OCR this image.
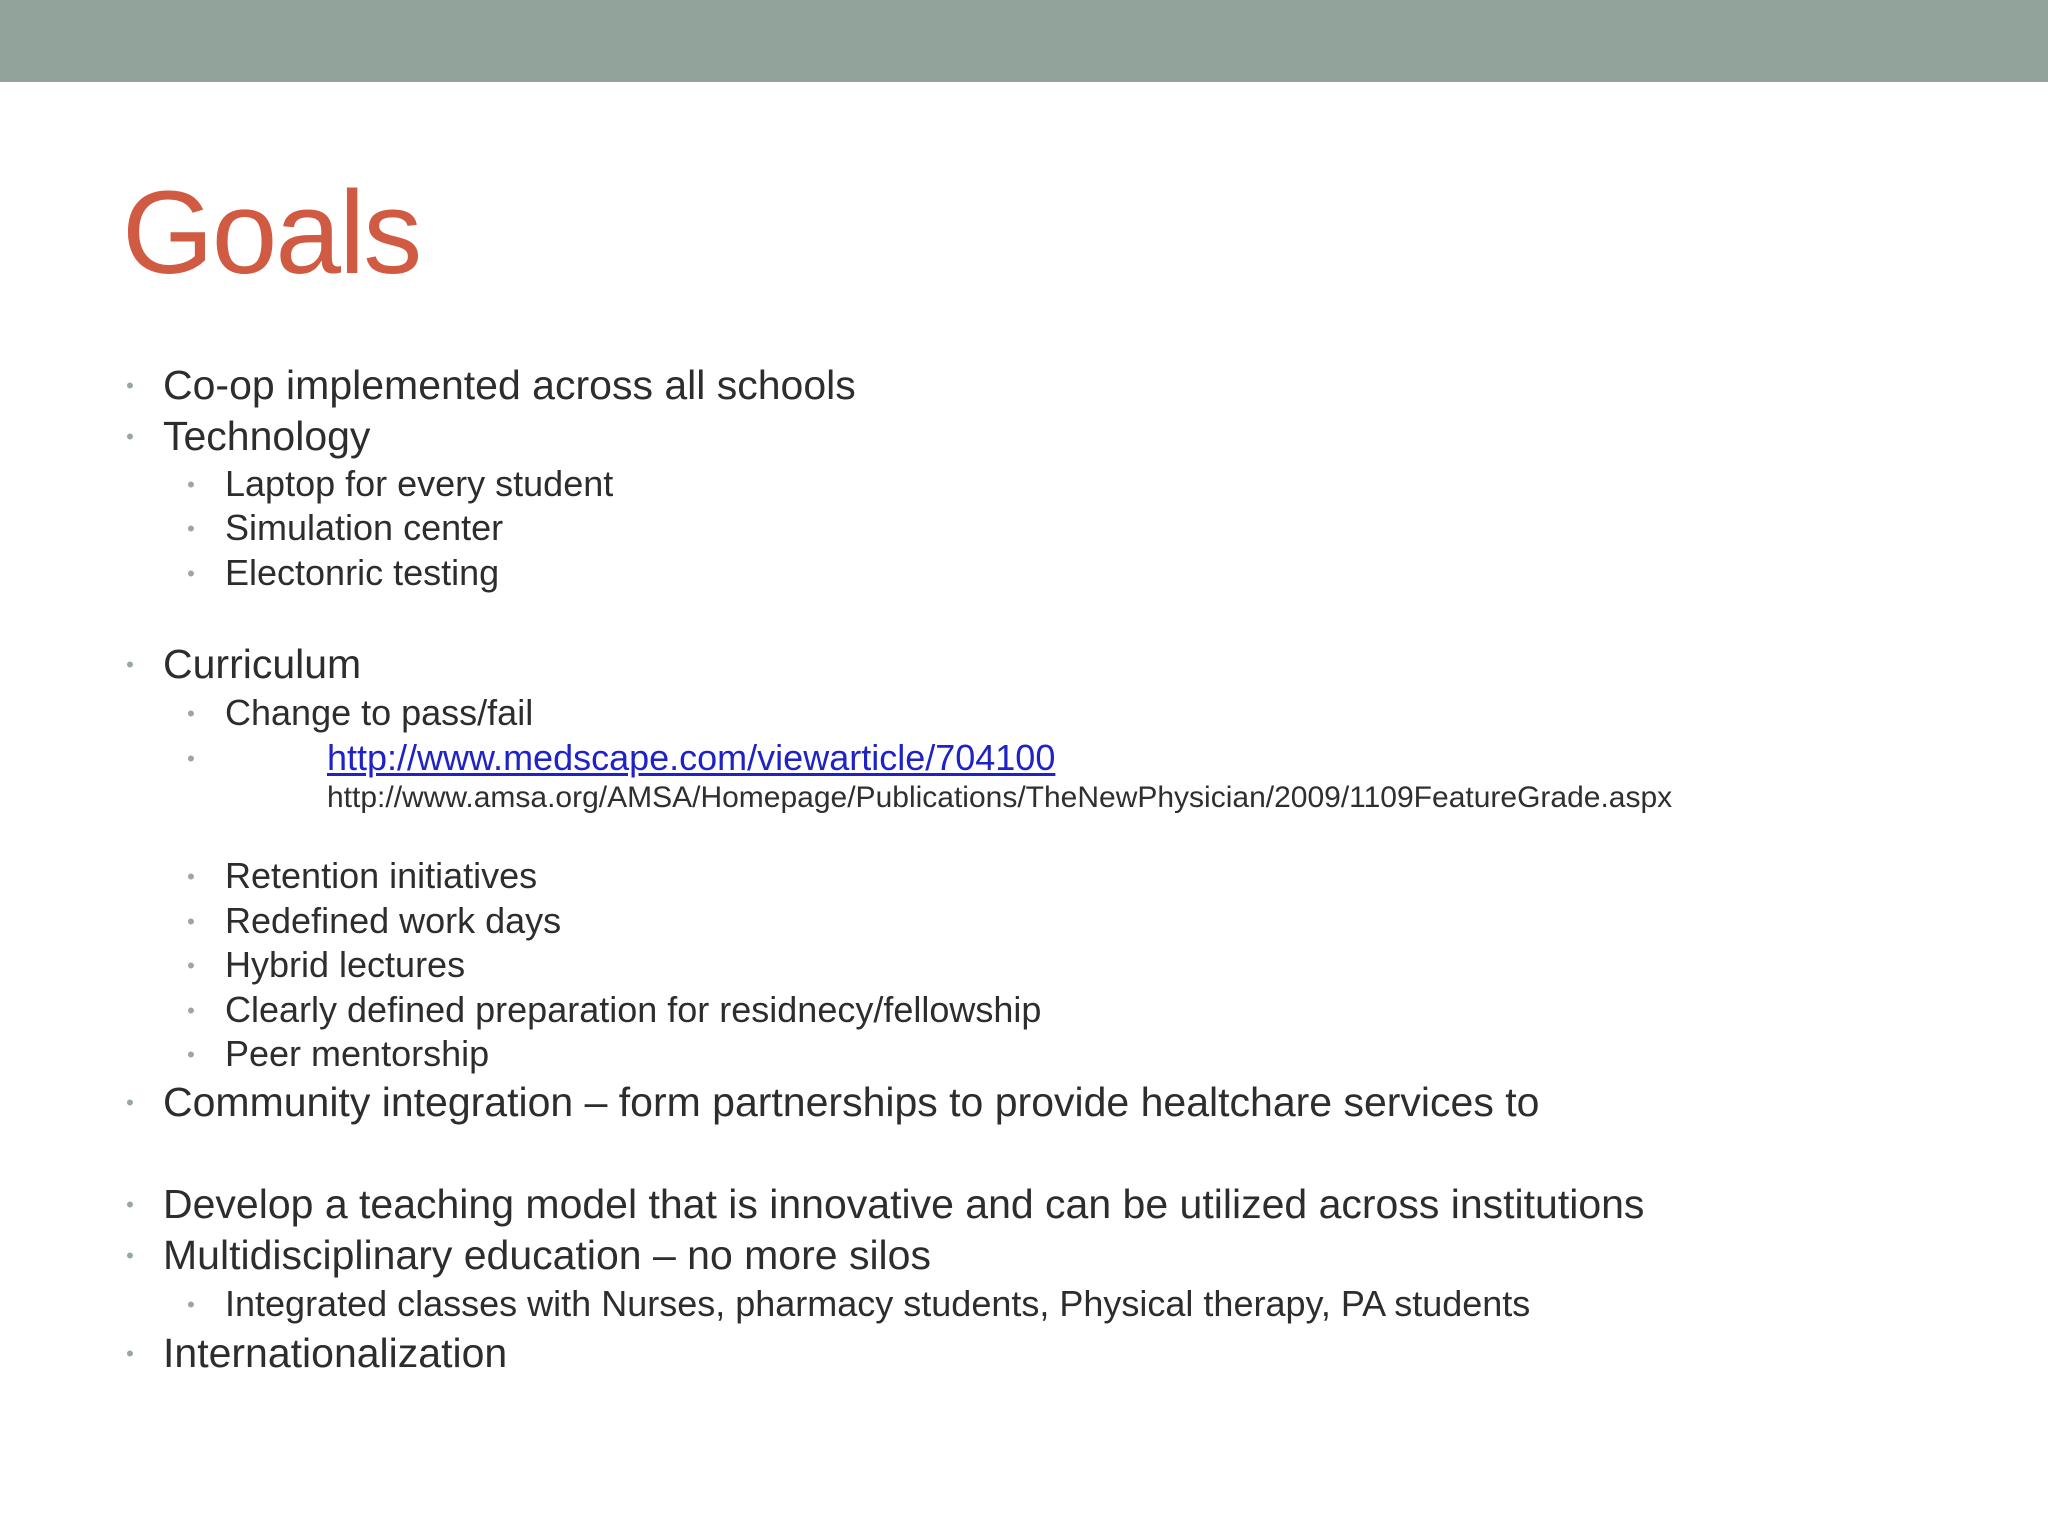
Goals
• Co-op implemented across all schools
• Technology
• Laptop for every student
• Simulation center
• Electonric testing
• Curriculum
• Change to pass/fail
•	http://www.medscape.com/viewarticle/704100
http://www.amsa.org/AMSA/Homepage/Publications/TheNewPhysician/2009/1109FeatureGrade.aspx
• Retention initiatives
• Redefined work days
• Hybrid lectures
• Clearly defined preparation for residnecy/fellowship
• Peer mentorship
• Community integration – form partnerships to provide healtchare services to
• Develop a teaching model that is innovative and can be utilized across institutions
• Multidisciplinary education – no more silos
• Integrated classes with Nurses, pharmacy students, Physical therapy, PA students
• Internationalization
